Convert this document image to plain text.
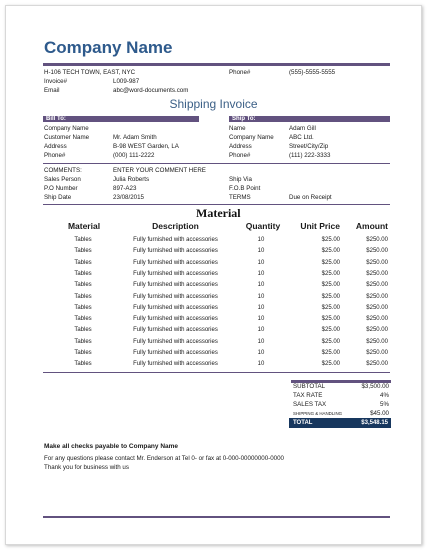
Company Name
H-106 TECH TOWN, EAST, NYC
Invoice#	L009-987
Email	abc@word-documents.com
Phone#	(555)-5555-5555
Shipping Invoice
Bill To:
Company Name
Customer Name	Mr. Adam Smith
Address	B-98 WEST Garden, LA
Phone#	(000) 111-2222
Ship To:
Name	Adam Gill
Company Name ABC Ltd.
Address	Street/City/Zip
Phone#	(111) 222-3333
COMMENTS:	ENTER YOUR COMMENT HERE
Sales Person	Julia Roberts
P.O Number	897-A23
Ship Date	23/08/2015
Ship Via
F.O.B Point
TERMS	Due on Receipt
Material
Material	Description	Quantity	Unit Price	Amount
Tables	Fully furnished with accessories	10	$25.00	$250.00
Tables	Fully furnished with accessories	10	$25.00	$250.00
Tables	Fully furnished with accessories	10	$25.00	$250.00
Tables	Fully furnished with accessories	10	$25.00	$250.00
Tables	Fully furnished with accessories	10	$25.00	$250.00
Tables	Fully furnished with accessories	10	$25.00	$250.00
Tables	Fully furnished with accessories	10	$25.00	$250.00
Tables	Fully furnished with accessories	10	$25.00	$250.00
Tables	Fully furnished with accessories	10	$25.00	$250.00
Tables	Fully furnished with accessories	10	$25.00	$250.00
Tables	Fully furnished with accessories	10	$25.00	$250.00
Tables	Fully furnished with accessories	10	$25.00	$250.00
SUBTOTAL	$3,500.00
TAX RATE	4%
SALES TAX	5%
SHIPPING & HANDLING	$45.00
TOTAL	$3,548.15
Make all checks payable to Company Name
For any questions please contact Mr. Enderson at Tel 0- or fax at 0-000-00000000-0000
Thank you for business with us
